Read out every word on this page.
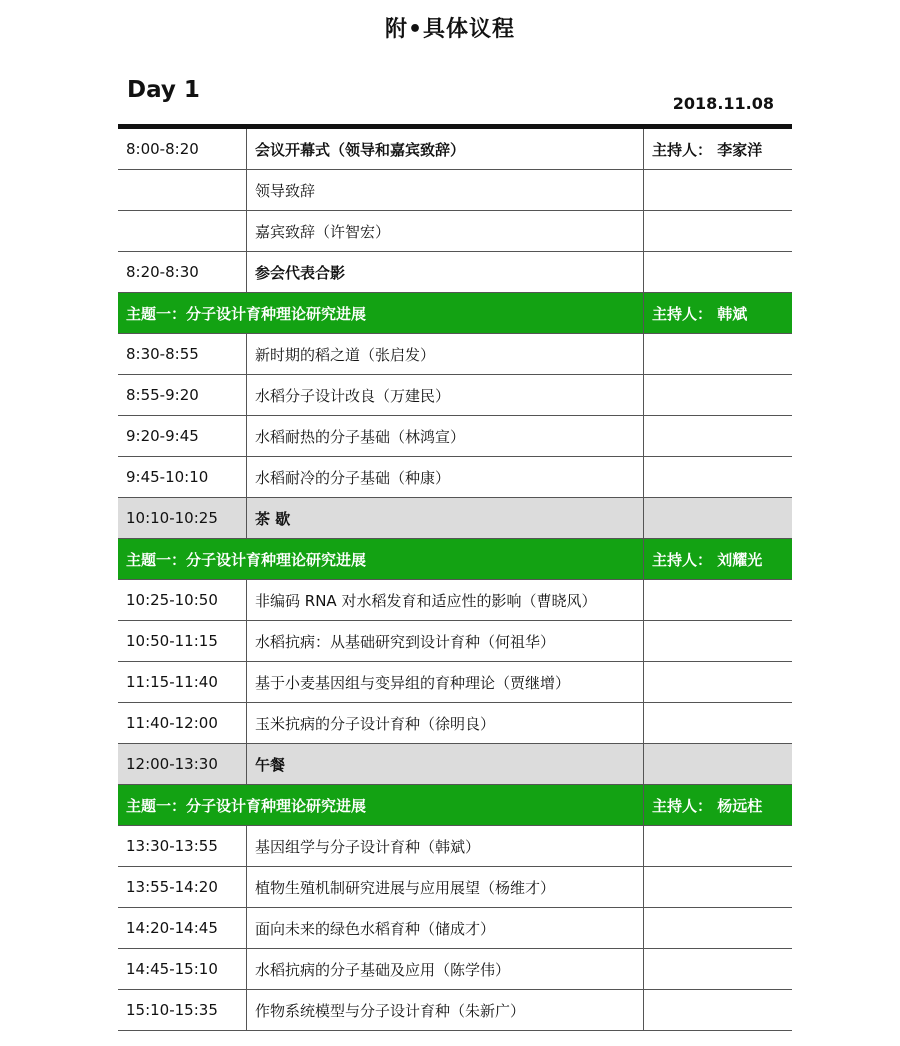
附•具体议程
Day 1
2018.11.08
8:00-8:20	会议开幕式（领导和嘉宾致辞）	主持人： 李家洋
	领导致辞	
	嘉宾致辞（许智宏）	
8:20-8:30	参会代表合影	
主题一：分子设计育种理论研究进展		主持人： 韩斌
8:30-8:55	新时期的稻之道（张启发）	
8:55-9:20	水稻分子设计改良（万建民）	
9:20-9:45	水稻耐热的分子基础（林鸿宣）	
9:45-10:10	水稻耐冷的分子基础（种康）	
10:10-10:25	茶 歇	
主题一：分子设计育种理论研究进展		主持人： 刘耀光
10:25-10:50	非编码 RNA 对水稻发育和适应性的影响（曹晓风）	
10:50-11:15	水稻抗病：从基础研究到设计育种（何祖华）	
11:15-11:40	基于小麦基因组与变异组的育种理论（贾继增）	
11:40-12:00	玉米抗病的分子设计育种（徐明良）	
12:00-13:30	午餐	
主题一：分子设计育种理论研究进展		主持人： 杨远柱
13:30-13:55	基因组学与分子设计育种（韩斌）	
13:55-14:20	植物生殖机制研究进展与应用展望（杨维才）	
14:20-14:45	面向未来的绿色水稻育种（储成才）	
14:45-15:10	水稻抗病的分子基础及应用（陈学伟）	
15:10-15:35	作物系统模型与分子设计育种（朱新广）	
